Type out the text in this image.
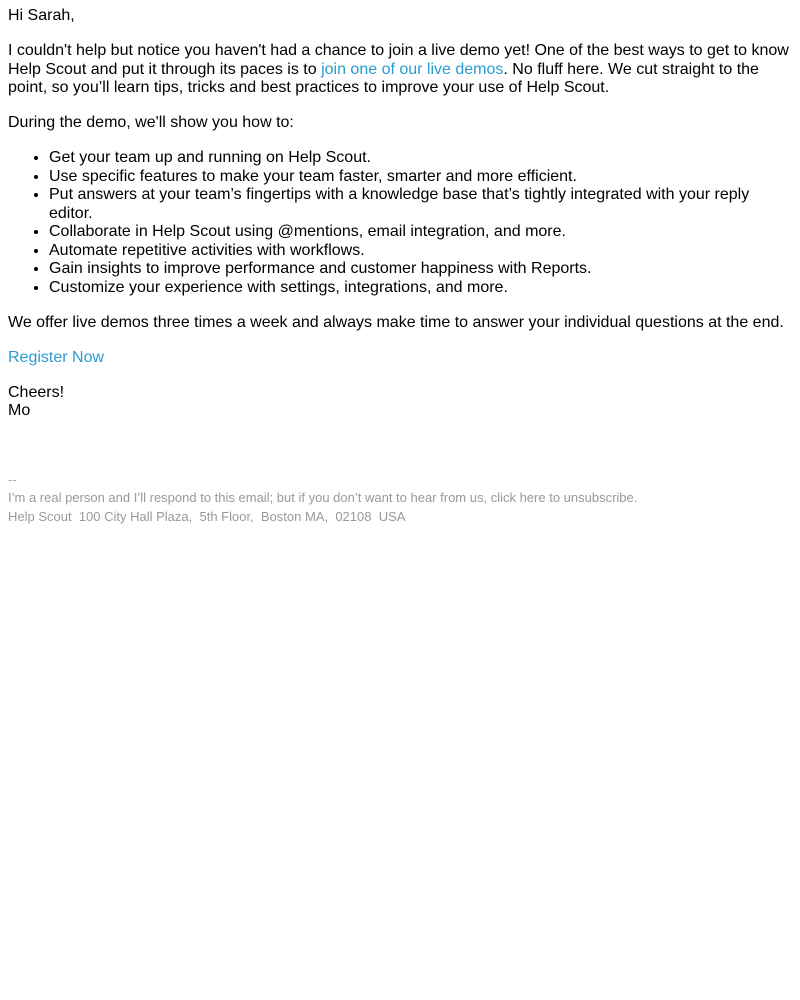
Hi Sarah,

I couldn't help but notice you haven't had a chance to join a live demo yet! One of the best ways to get to know
Help Scout and put it through its paces is to join one of our live demos. No fluff here. We cut straight to the
point, so you’ll learn tips, tricks and best practices to improve your use of Help Scout.

During the demo, we'll show you how to:

• Get your team up and running on Help Scout.
• Use specific features to make your team faster, smarter and more efficient.
• Put answers at your team’s fingertips with a knowledge base that’s tightly integrated with your reply editor.
• Collaborate in Help Scout using @mentions, email integration, and more.
• Automate repetitive activities with workflows.
• Gain insights to improve performance and customer happiness with Reports.
• Customize your experience with settings, integrations, and more.

We offer live demos three times a week and always make time to answer your individual questions at the end.

Register Now

Cheers!
Mo

--
I’m a real person and I’ll respond to this email; but if you don’t want to hear from us, click here to unsubscribe.
Help Scout  100 City Hall Plaza,  5th Floor,  Boston MA,  02108  USA
